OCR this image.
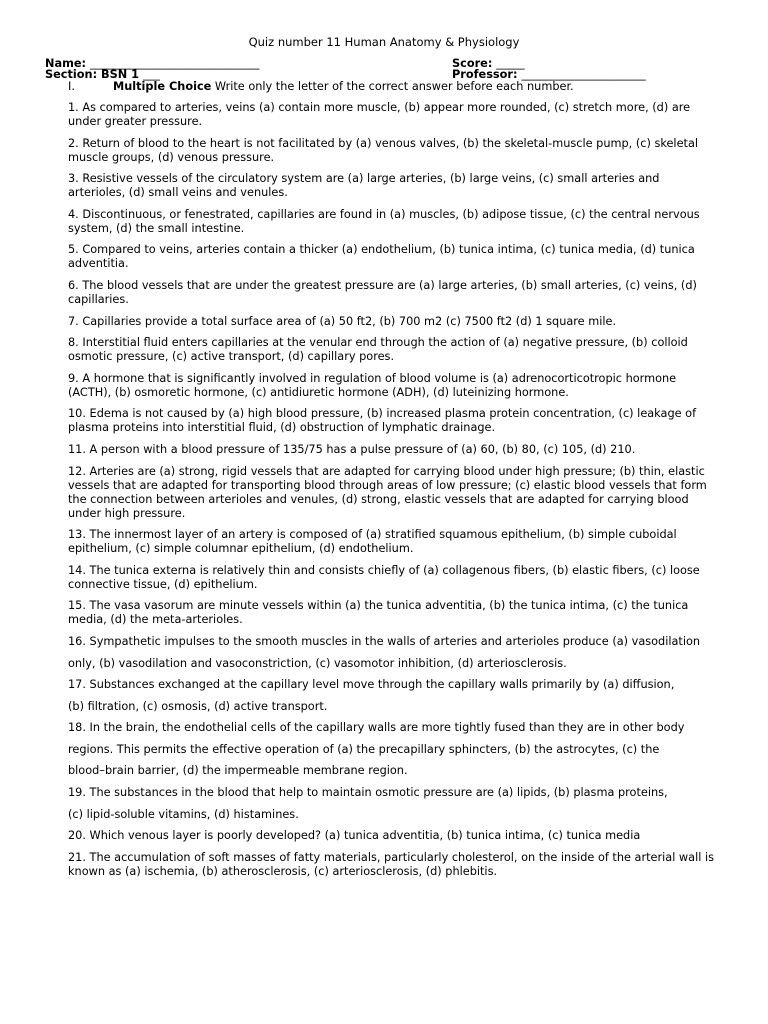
Quiz number 11 Human Anatomy & Physiology
Name: ______________________________	Score: _____
Section: BSN 1 ___	Professor: ______________________
I.	Multiple Choice Write only the letter of the correct answer before each number.

1. As compared to arteries, veins (a) contain more muscle, (b) appear more rounded, (c) stretch more, (d) are under greater pressure.

2. Return of blood to the heart is not facilitated by (a) venous valves, (b) the skeletal-muscle pump, (c) skeletal muscle groups, (d) venous pressure.

3. Resistive vessels of the circulatory system are (a) large arteries, (b) large veins, (c) small arteries and arterioles, (d) small veins and venules.

4. Discontinuous, or fenestrated, capillaries are found in (a) muscles, (b) adipose tissue, (c) the central nervous system, (d) the small intestine.

5. Compared to veins, arteries contain a thicker (a) endothelium, (b) tunica intima, (c) tunica media, (d) tunica adventitia.

6. The blood vessels that are under the greatest pressure are (a) large arteries, (b) small arteries, (c) veins, (d) capillaries.

7. Capillaries provide a total surface area of (a) 50 ft2, (b) 700 m2 (c) 7500 ft2 (d) 1 square mile.

8. Interstitial fluid enters capillaries at the venular end through the action of (a) negative pressure, (b) colloid osmotic pressure, (c) active transport, (d) capillary pores.

9. A hormone that is significantly involved in regulation of blood volume is (a) adrenocorticotropic hormone (ACTH), (b) osmoretic hormone, (c) antidiuretic hormone (ADH), (d) luteinizing hormone.

10. Edema is not caused by (a) high blood pressure, (b) increased plasma protein concentration, (c) leakage of plasma proteins into interstitial fluid, (d) obstruction of lymphatic drainage.

11. A person with a blood pressure of 135/75 has a pulse pressure of (a) 60, (b) 80, (c) 105, (d) 210.

12. Arteries are (a) strong, rigid vessels that are adapted for carrying blood under high pressure; (b) thin, elastic vessels that are adapted for transporting blood through areas of low pressure; (c) elastic blood vessels that form the connection between arterioles and venules, (d) strong, elastic vessels that are adapted for carrying blood under high pressure.

13. The innermost layer of an artery is composed of (a) stratified squamous epithelium, (b) simple cuboidal epithelium, (c) simple columnar epithelium, (d) endothelium.

14. The tunica externa is relatively thin and consists chiefly of (a) collagenous fibers, (b) elastic fibers, (c) loose connective tissue, (d) epithelium.

15. The vasa vasorum are minute vessels within (a) the tunica adventitia, (b) the tunica intima, (c) the tunica media, (d) the meta-arterioles.

16. Sympathetic impulses to the smooth muscles in the walls of arteries and arterioles produce (a) vasodilation

only, (b) vasodilation and vasoconstriction, (c) vasomotor inhibition, (d) arteriosclerosis.

17. Substances exchanged at the capillary level move through the capillary walls primarily by (a) diffusion,

(b) filtration, (c) osmosis, (d) active transport.

18. In the brain, the endothelial cells of the capillary walls are more tightly fused than they are in other body

regions. This permits the effective operation of (a) the precapillary sphincters, (b) the astrocytes, (c) the

blood–brain barrier, (d) the impermeable membrane region.

19. The substances in the blood that help to maintain osmotic pressure are (a) lipids, (b) plasma proteins,

(c) lipid-soluble vitamins, (d) histamines.

20. Which venous layer is poorly developed? (a) tunica adventitia, (b) tunica intima, (c) tunica media

21. The accumulation of soft masses of fatty materials, particularly cholesterol, on the inside of the arterial wall is known as (a) ischemia, (b) atherosclerosis, (c) arteriosclerosis, (d) phlebitis.
